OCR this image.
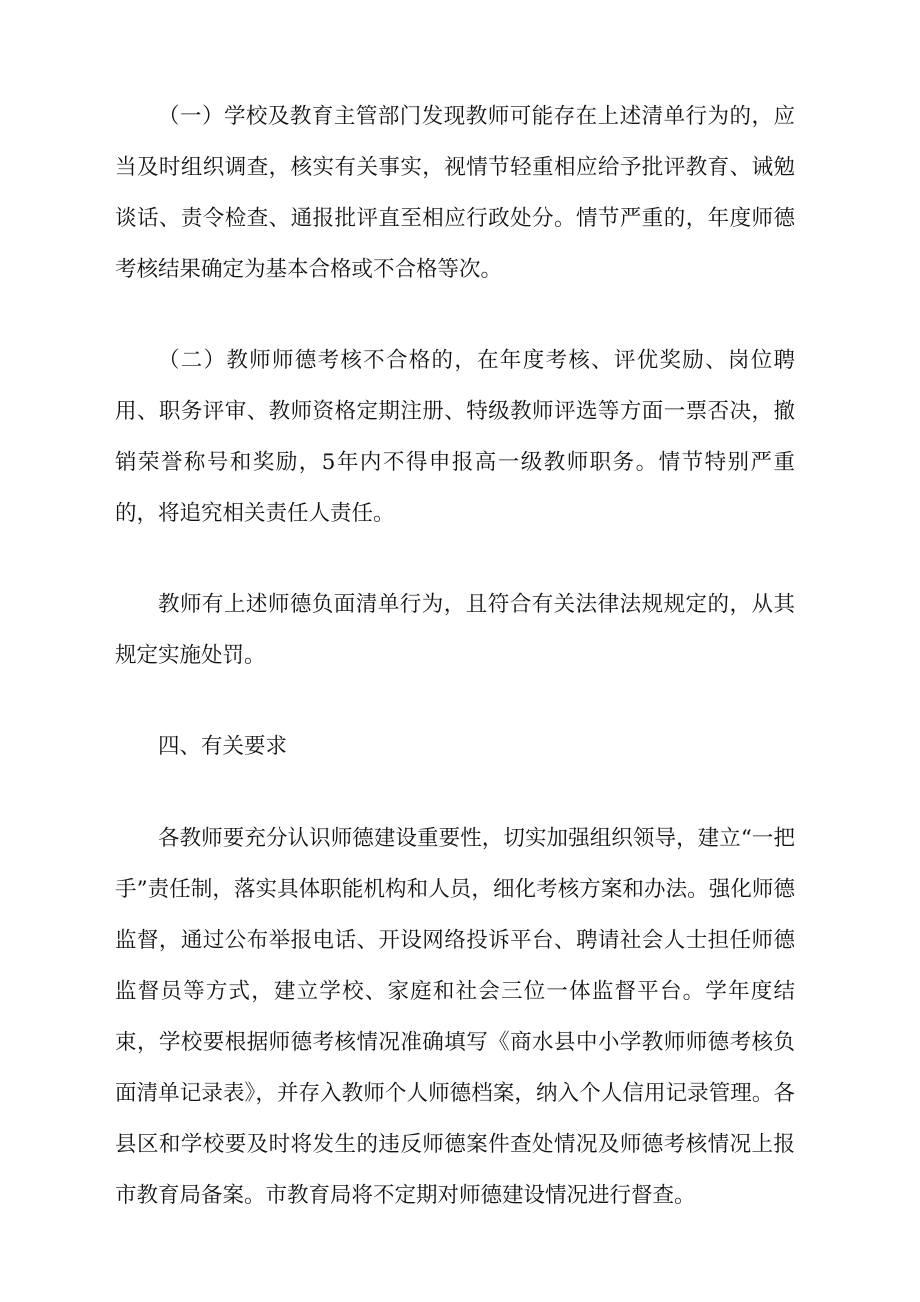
（一）学校及教育主管部门发现教师可能存在上述清单行为的，应当及时组织调查，核实有关事实，视情节轻重相应给予批评教育、诫勉谈话、责令检查、通报批评直至相应行政处分。情节严重的，年度师德考核结果确定为基本合格或不合格等次。

（二）教师师德考核不合格的，在年度考核、评优奖励、岗位聘用、职务评审、教师资格定期注册、特级教师评选等方面一票否决，撤销荣誉称号和奖励，5年内不得申报高一级教师职务。情节特别严重的，将追究相关责任人责任。

教师有上述师德负面清单行为，且符合有关法律法规规定的，从其规定实施处罚。

四、有关要求

各教师要充分认识师德建设重要性，切实加强组织领导，建立“一把手”责任制，落实具体职能机构和人员，细化考核方案和办法。强化师德监督，通过公布举报电话、开设网络投诉平台、聘请社会人士担任师德监督员等方式，建立学校、家庭和社会三位一体监督平台。学年度结束，学校要根据师德考核情况准确填写《商水县中小学教师师德考核负面清单记录表》，并存入教师个人师德档案，纳入个人信用记录管理。各县区和学校要及时将发生的违反师德案件查处情况及师德考核情况上报市教育局备案。市教育局将不定期对师德建设情况进行督查。
